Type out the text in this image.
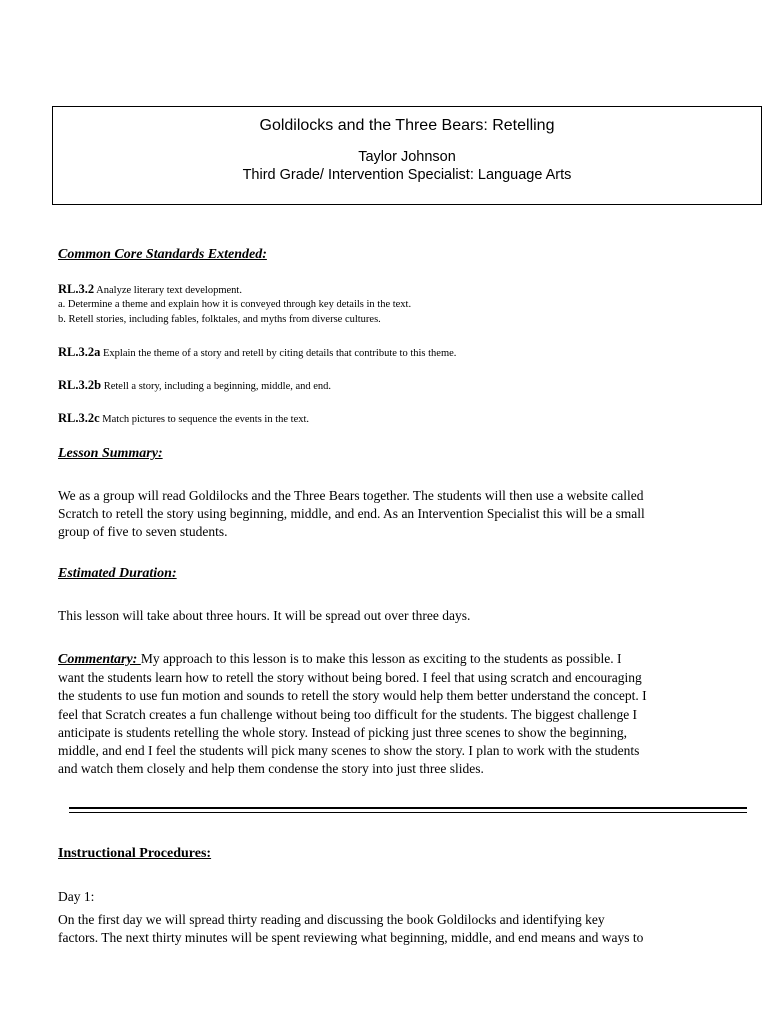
Goldilocks and the Three Bears: Retelling
Taylor Johnson
Third Grade/ Intervention Specialist: Language Arts
Common Core Standards Extended:
RL.3.2 Analyze literary text development.
a. Determine a theme and explain how it is conveyed through key details in the text.
b. Retell stories, including fables, folktales, and myths from diverse cultures.
RL.3.2a Explain the theme of a story and retell by citing details that contribute to this theme.
RL.3.2b Retell a story, including a beginning, middle, and end.
RL.3.2c Match pictures to sequence the events in the text.
Lesson Summary:
We as a group will read Goldilocks and the Three Bears together. The students will then use a website called
Scratch to retell the story using beginning, middle, and end. As an Intervention Specialist this will be a small
group of five to seven students.
Estimated Duration:
This lesson will take about three hours. It will be spread out over three days.
Commentary: My approach to this lesson is to make this lesson as exciting to the students as possible. I
want the students learn how to retell the story without being bored. I feel that using scratch and encouraging
the students to use fun motion and sounds to retell the story would help them better understand the concept. I
feel that Scratch creates a fun challenge without being too difficult for the students. The biggest challenge I
anticipate is students retelling the whole story. Instead of picking just three scenes to show the beginning,
middle, and end I feel the students will pick many scenes to show the story. I plan to work with the students
and watch them closely and help them condense the story into just three slides.
Instructional Procedures:
Day 1:
On the first day we will spread thirty reading and discussing the book Goldilocks and identifying key
factors. The next thirty minutes will be spent reviewing what beginning, middle, and end means and ways to
